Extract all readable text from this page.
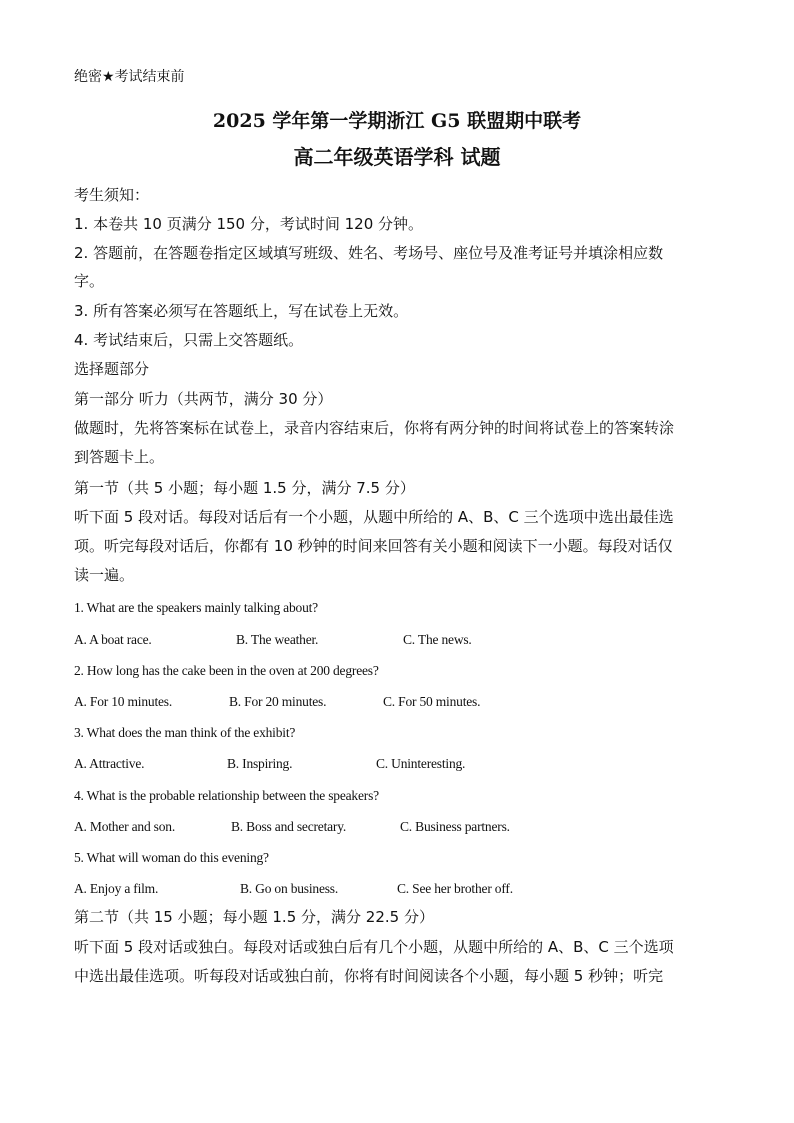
绝密★考试结束前
2025 学年第一学期浙江 G5 联盟期中联考
高二年级英语学科 试题
考生须知：
1. 本卷共 10 页满分 150 分，考试时间 120 分钟。
2. 答题前，在答题卷指定区域填写班级、姓名、考场号、座位号及准考证号并填涂相应数
字。
3. 所有答案必须写在答题纸上，写在试卷上无效。
4. 考试结束后，只需上交答题纸。
选择题部分
第一部分 听力（共两节，满分 30 分）
做题时，先将答案标在试卷上，录音内容结束后，你将有两分钟的时间将试卷上的答案转涂
到答题卡上。
第一节（共 5 小题；每小题 1.5 分，满分 7.5 分）
听下面 5 段对话。每段对话后有一个小题，从题中所给的 A、B、C 三个选项中选出最佳选
项。听完每段对话后，你都有 10 秒钟的时间来回答有关小题和阅读下一小题。每段对话仅
读一遍。
1. What are the speakers mainly talking about?
A. A boat race.	B. The weather.	C. The news.
2. How long has the cake been in the oven at 200 degrees?
A. For 10 minutes.	B. For 20 minutes.	C. For 50 minutes.
3. What does the man think of the exhibit?
A. Attractive.	B. Inspiring.	C. Uninteresting.
4. What is the probable relationship between the speakers?
A. Mother and son.	B. Boss and secretary.	C. Business partners.
5. What will woman do this evening?
A. Enjoy a film.	B. Go on business.	C. See her brother off.
第二节（共 15 小题；每小题 1.5 分，满分 22.5 分）
听下面 5 段对话或独白。每段对话或独白后有几个小题，从题中所给的 A、B、C 三个选项
中选出最佳选项。听每段对话或独白前，你将有时间阅读各个小题，每小题 5 秒钟；听完
